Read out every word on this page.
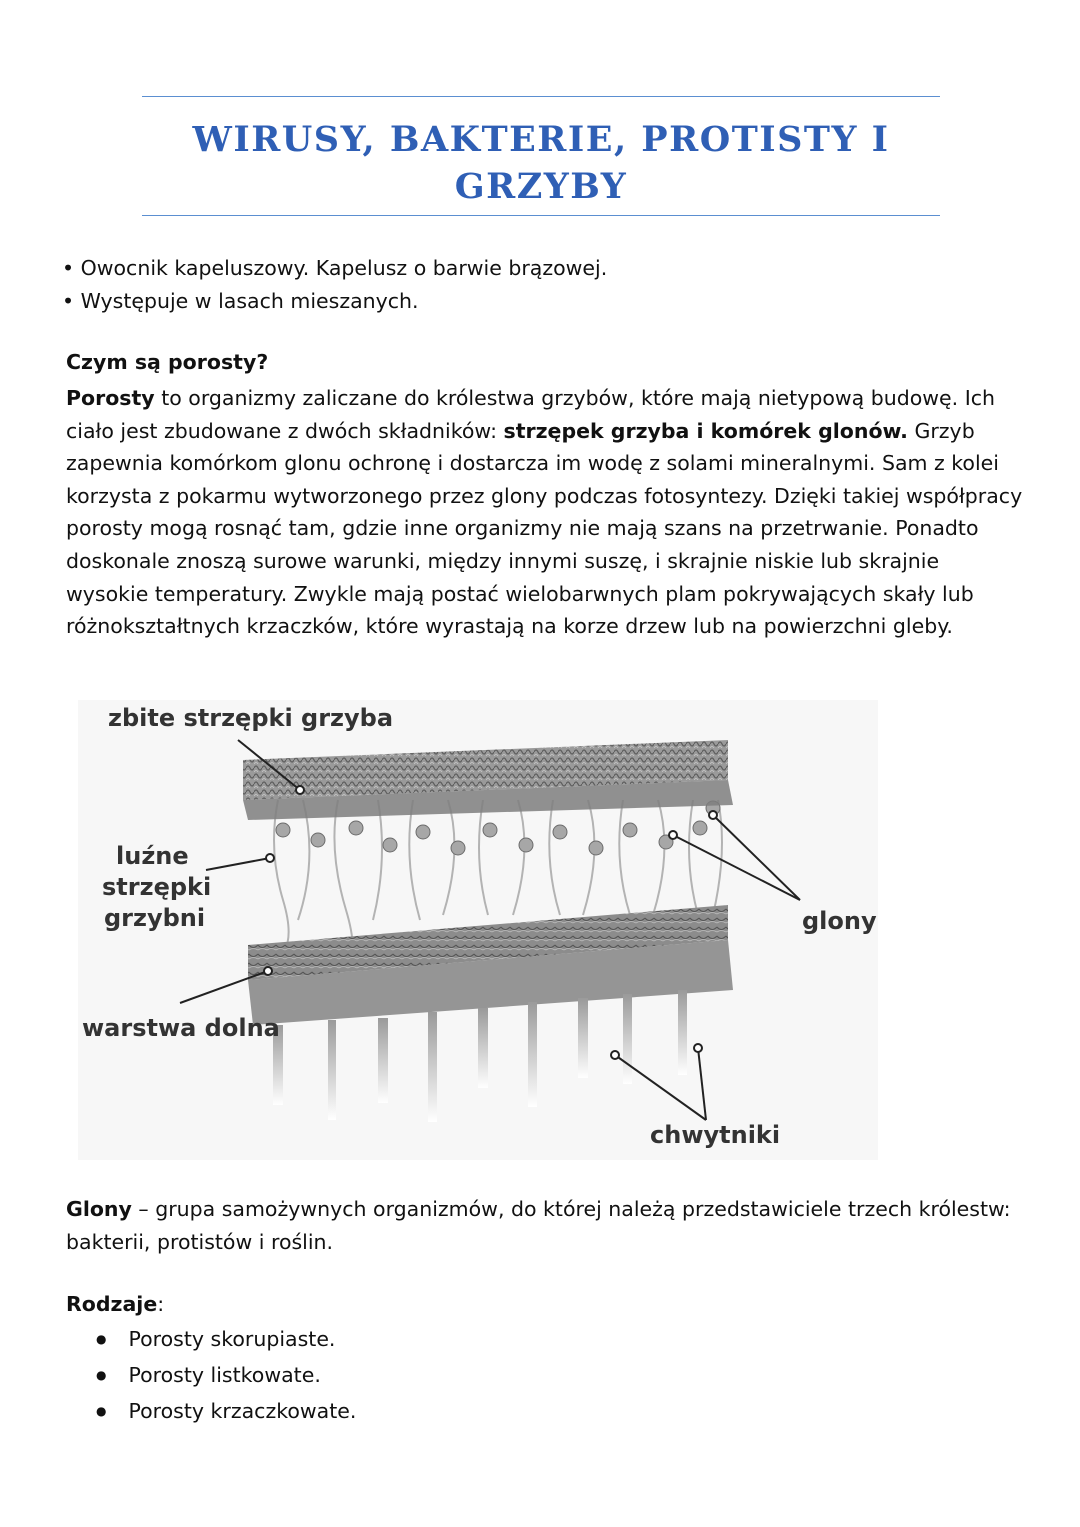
WIRUSY, BAKTERIE, PROTISTY I
GRZYBY
• Owocnik kapeluszowy. Kapelusz o barwie brązowej.
• Występuje w lasach mieszanych.
Czym są porosty?
Porosty to organizmy zaliczane do królestwa grzybów, które mają nietypową budowę. Ich ciało jest zbudowane z dwóch składników: strzępek grzyba i komórek glonów. Grzyb zapewnia komórkom glonu ochronę i dostarcza im wodę z solami mineralnymi. Sam z kolei korzysta z pokarmu wytworzonego przez glony podczas fotosyntezy. Dzięki takiej współpracy porosty mogą rosnąć tam, gdzie inne organizmy nie mają szans na przetrwanie. Ponadto doskonale znoszą surowe warunki, między innymi suszę, i skrajnie niskie lub skrajnie wysokie temperatury. Zwykle mają postać wielobarwnych plam pokrywających skały lub różnokształtnych krzaczków, które wyrastają na korze drzew lub na powierzchni gleby.
zbite strzępki grzyba
luźne
strzępki
grzybni	glony
warstwa dolna
chwytniki
Glony – grupa samożywnych organizmów, do której należą przedstawiciele trzech królestw: bakterii, protistów i roślin.
Rodzaje:
● Porosty skorupiaste.
● Porosty listkowate.
● Porosty krzaczkowate.
